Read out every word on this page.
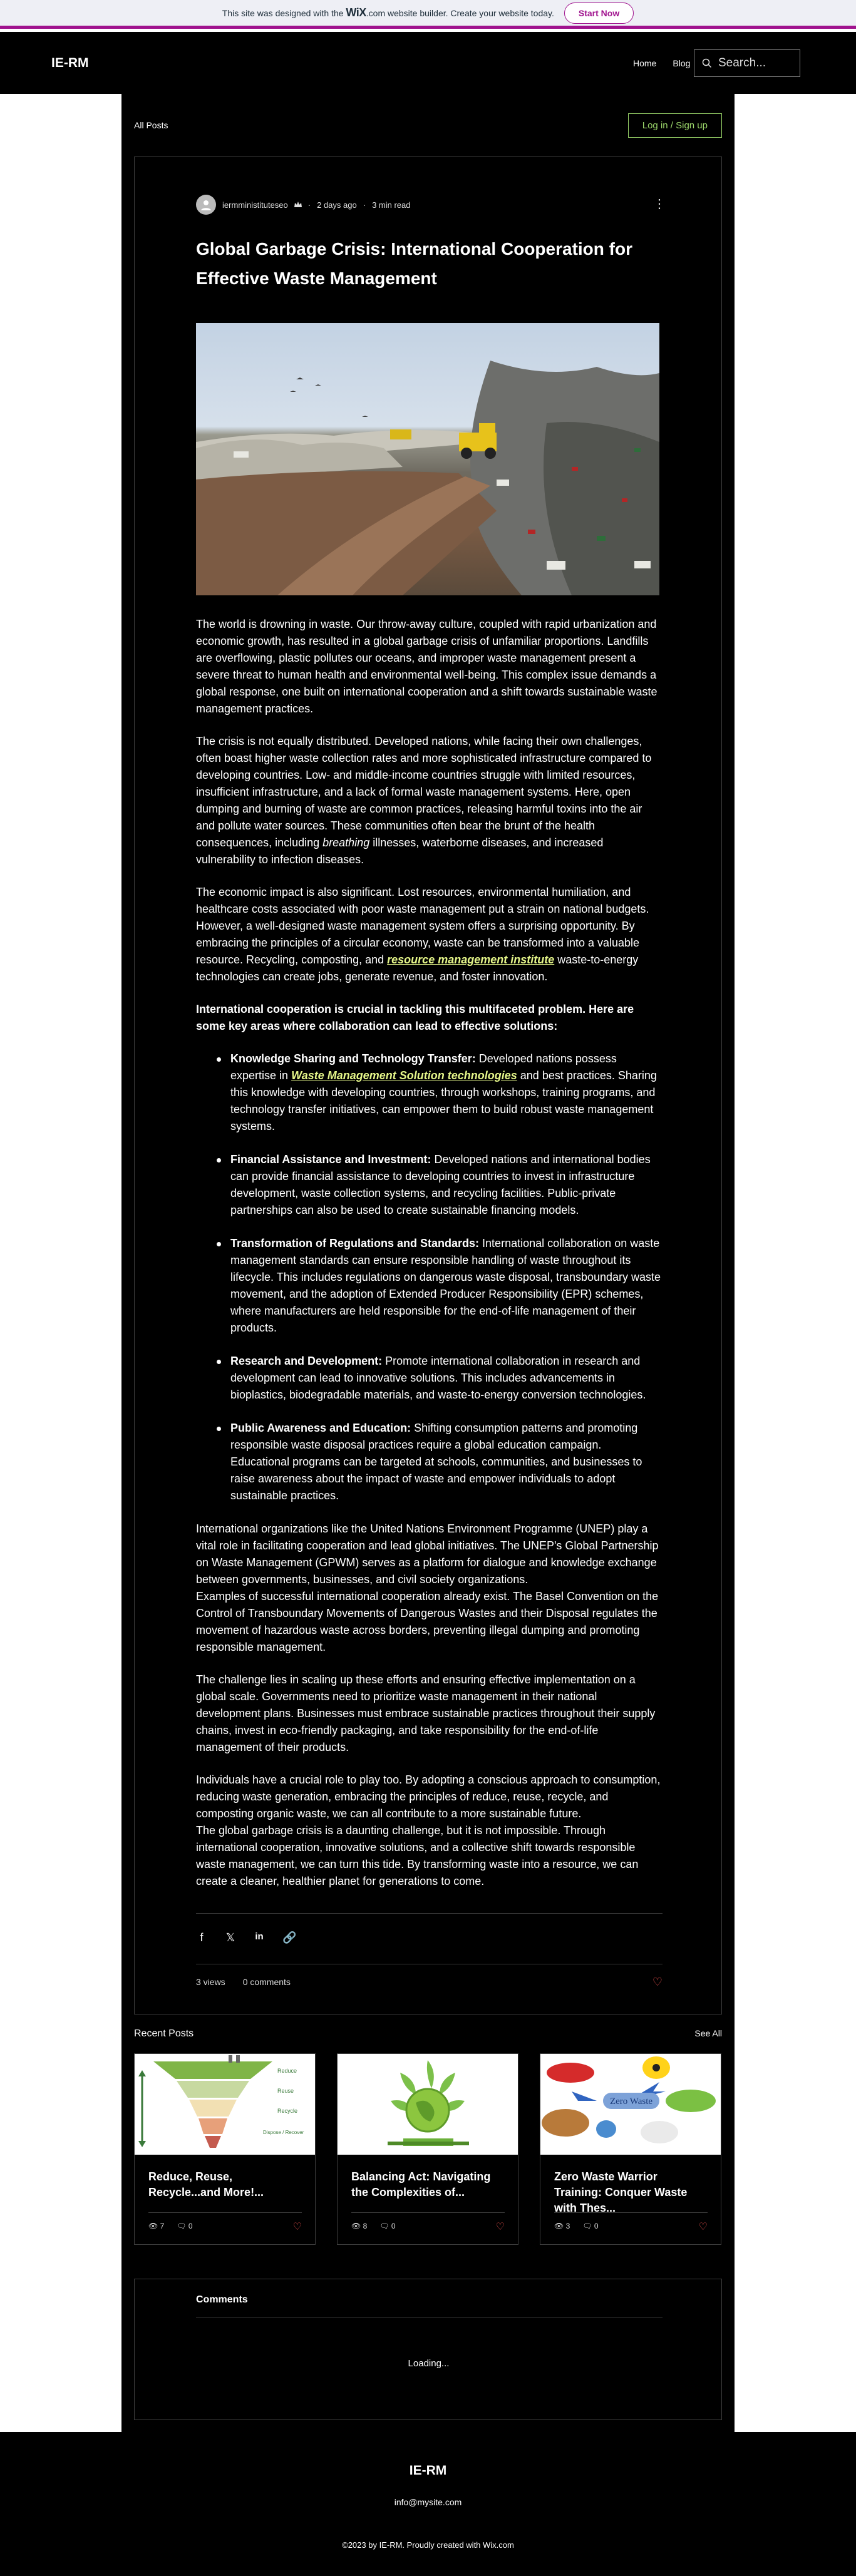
This site was designed with the WiX.com website builder. Create your website today.	Start Now
IE-RM	Home Blog Search...
All Posts	Log in / Sign up
iermministituteseo · 2 days ago · 3 min read	⋮
Global Garbage Crisis: International Cooperation for Effective Waste Management

The world is drowning in waste. Our throw-away culture, coupled with rapid urbanization and economic growth, has resulted in a global garbage crisis of unfamiliar proportions. Landfills are overflowing, plastic pollutes our oceans, and improper waste management present a severe threat to human health and environmental well-being. This complex issue demands a global response, one built on international cooperation and a shift towards sustainable waste management practices.

The crisis is not equally distributed. Developed nations, while facing their own challenges, often boast higher waste collection rates and more sophisticated infrastructure compared to developing countries. Low- and middle-income countries struggle with limited resources, insufficient infrastructure, and a lack of formal waste management systems. Here, open dumping and burning of waste are common practices, releasing harmful toxins into the air and pollute water sources. These communities often bear the brunt of the health consequences, including breathing illnesses, waterborne diseases, and increased vulnerability to infection diseases.

The economic impact is also significant. Lost resources, environmental humiliation, and healthcare costs associated with poor waste management put a strain on national budgets. However, a well-designed waste management system offers a surprising opportunity. By embracing the principles of a circular economy, waste can be transformed into a valuable resource. Recycling, composting, and resource management institute waste-to-energy technologies can create jobs, generate revenue, and foster innovation.

International cooperation is crucial in tackling this multifaceted problem. Here are some key areas where collaboration can lead to effective solutions:

Knowledge Sharing and Technology Transfer: Developed nations possess expertise in Waste Management Solution technologies and best practices. Sharing this knowledge with developing countries, through workshops, training programs, and technology transfer initiatives, can empower them to build robust waste management systems.
Financial Assistance and Investment: Developed nations and international bodies can provide financial assistance to developing countries to invest in infrastructure development, waste collection systems, and recycling facilities. Public-private partnerships can also be used to create sustainable financing models.
Transformation of Regulations and Standards: International collaboration on waste management standards can ensure responsible handling of waste throughout its lifecycle. This includes regulations on dangerous waste disposal, transboundary waste movement, and the adoption of Extended Producer Responsibility (EPR) schemes, where manufacturers are held responsible for the end-of-life management of their products.
Research and Development: Promote international collaboration in research and development can lead to innovative solutions. This includes advancements in bioplastics, biodegradable materials, and waste-to-energy conversion technologies.
Public Awareness and Education: Shifting consumption patterns and promoting responsible waste disposal practices require a global education campaign. Educational programs can be targeted at schools, communities, and businesses to raise awareness about the impact of waste and empower individuals to adopt sustainable practices.

International organizations like the United Nations Environment Programme (UNEP) play a vital role in facilitating cooperation and lead global initiatives. The UNEP's Global Partnership on Waste Management (GPWM) serves as a platform for dialogue and knowledge exchange between governments, businesses, and civil society organizations.
Examples of successful international cooperation already exist. The Basel Convention on the Control of Transboundary Movements of Dangerous Wastes and their Disposal regulates the movement of hazardous waste across borders, preventing illegal dumping and promoting responsible management.

The challenge lies in scaling up these efforts and ensuring effective implementation on a global scale. Governments need to prioritize waste management in their national development plans. Businesses must embrace sustainable practices throughout their supply chains, invest in eco-friendly packaging, and take responsibility for the end-of-life management of their products.

Individuals have a crucial role to play too. By adopting a conscious approach to consumption, reducing waste generation, embracing the principles of reduce, reuse, recycle, and composting organic waste, we can all contribute to a more sustainable future.
The global garbage crisis is a daunting challenge, but it is not impossible. Through international cooperation, innovative solutions, and a collective shift towards responsible waste management, we can turn this tide. By transforming waste into a resource, we can create a cleaner, healthier planet for generations to come.

f	𝕏 in 🔗
3 views 0 comments	♡
Recent Posts	See All
Reduce
Reuse
Recycle
Dispose / Recover
Reduce, Reuse, Recycle...and More!...
👁 7 🗨 0	♡
Balancing Act: Navigating the Complexities of...
👁 8 🗨 0	♡
Zero Waste
Zero Waste Warrior Training: Conquer Waste with Thes...
👁 3 🗨 0	♡
Comments
Loading...
IE-RM
info@mysite.com
©2023 by IE-RM. Proudly created with Wix.com
